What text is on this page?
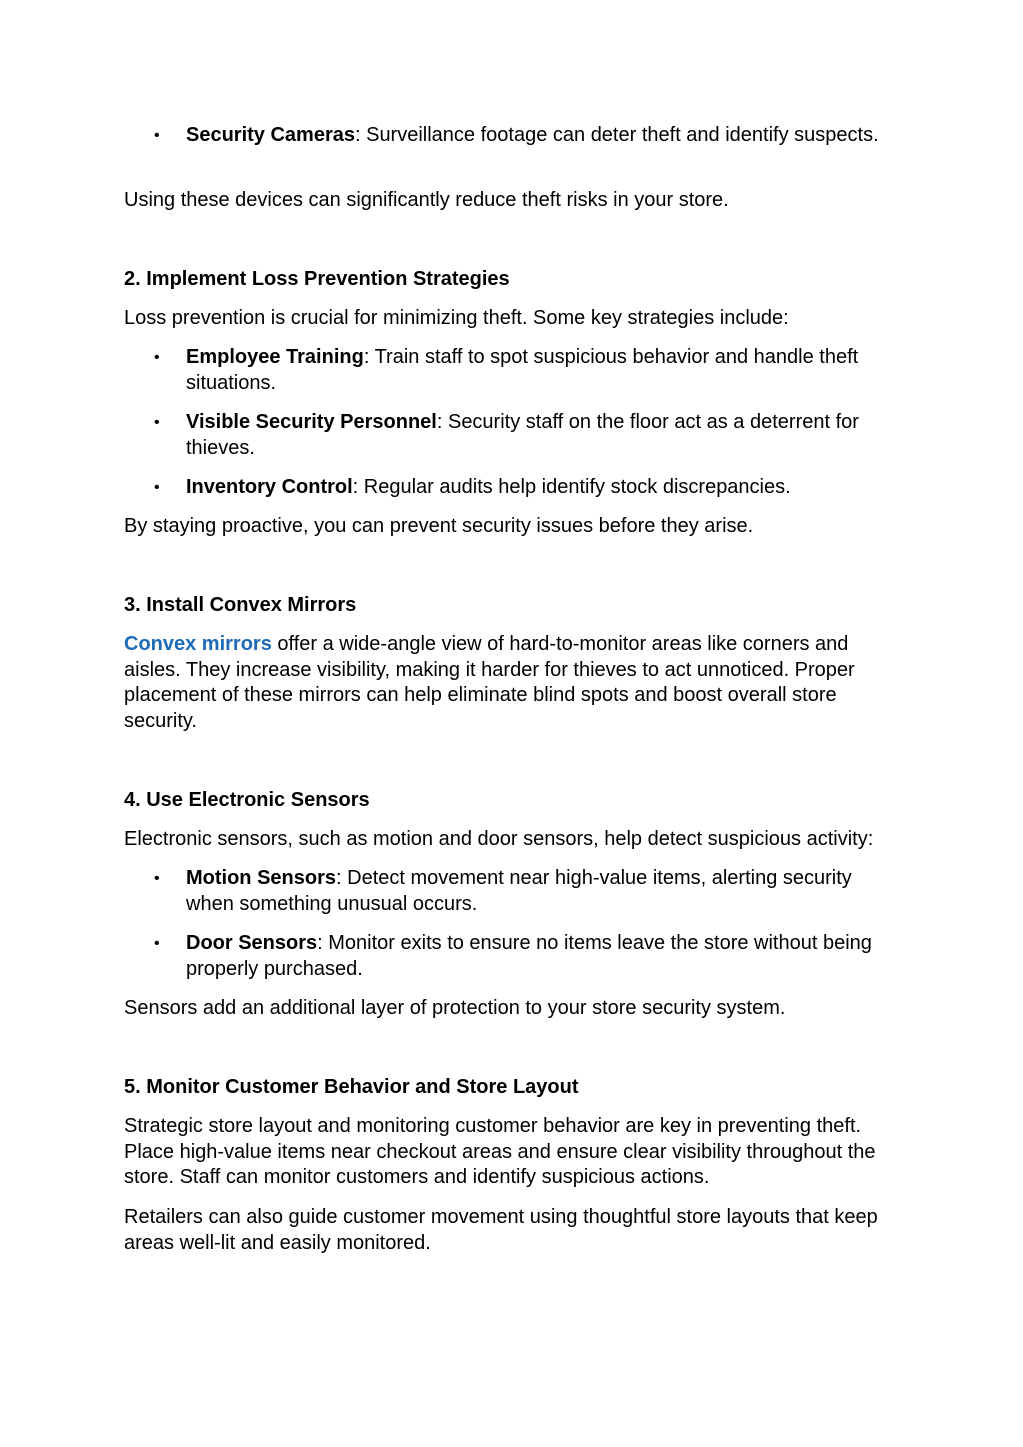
• Security Cameras: Surveillance footage can deter theft and identify suspects.

Using these devices can significantly reduce theft risks in your store.

2. Implement Loss Prevention Strategies

Loss prevention is crucial for minimizing theft. Some key strategies include:

• Employee Training: Train staff to spot suspicious behavior and handle theft situations.
• Visible Security Personnel: Security staff on the floor act as a deterrent for thieves.
• Inventory Control: Regular audits help identify stock discrepancies.

By staying proactive, you can prevent security issues before they arise.

3. Install Convex Mirrors

Convex mirrors offer a wide-angle view of hard-to-monitor areas like corners and aisles. They increase visibility, making it harder for thieves to act unnoticed. Proper placement of these mirrors can help eliminate blind spots and boost overall store security.

4. Use Electronic Sensors

Electronic sensors, such as motion and door sensors, help detect suspicious activity:

• Motion Sensors: Detect movement near high-value items, alerting security when something unusual occurs.
• Door Sensors: Monitor exits to ensure no items leave the store without being properly purchased.

Sensors add an additional layer of protection to your store security system.

5. Monitor Customer Behavior and Store Layout

Strategic store layout and monitoring customer behavior are key in preventing theft. Place high-value items near checkout areas and ensure clear visibility throughout the store. Staff can monitor customers and identify suspicious actions.

Retailers can also guide customer movement using thoughtful store layouts that keep areas well-lit and easily monitored.
